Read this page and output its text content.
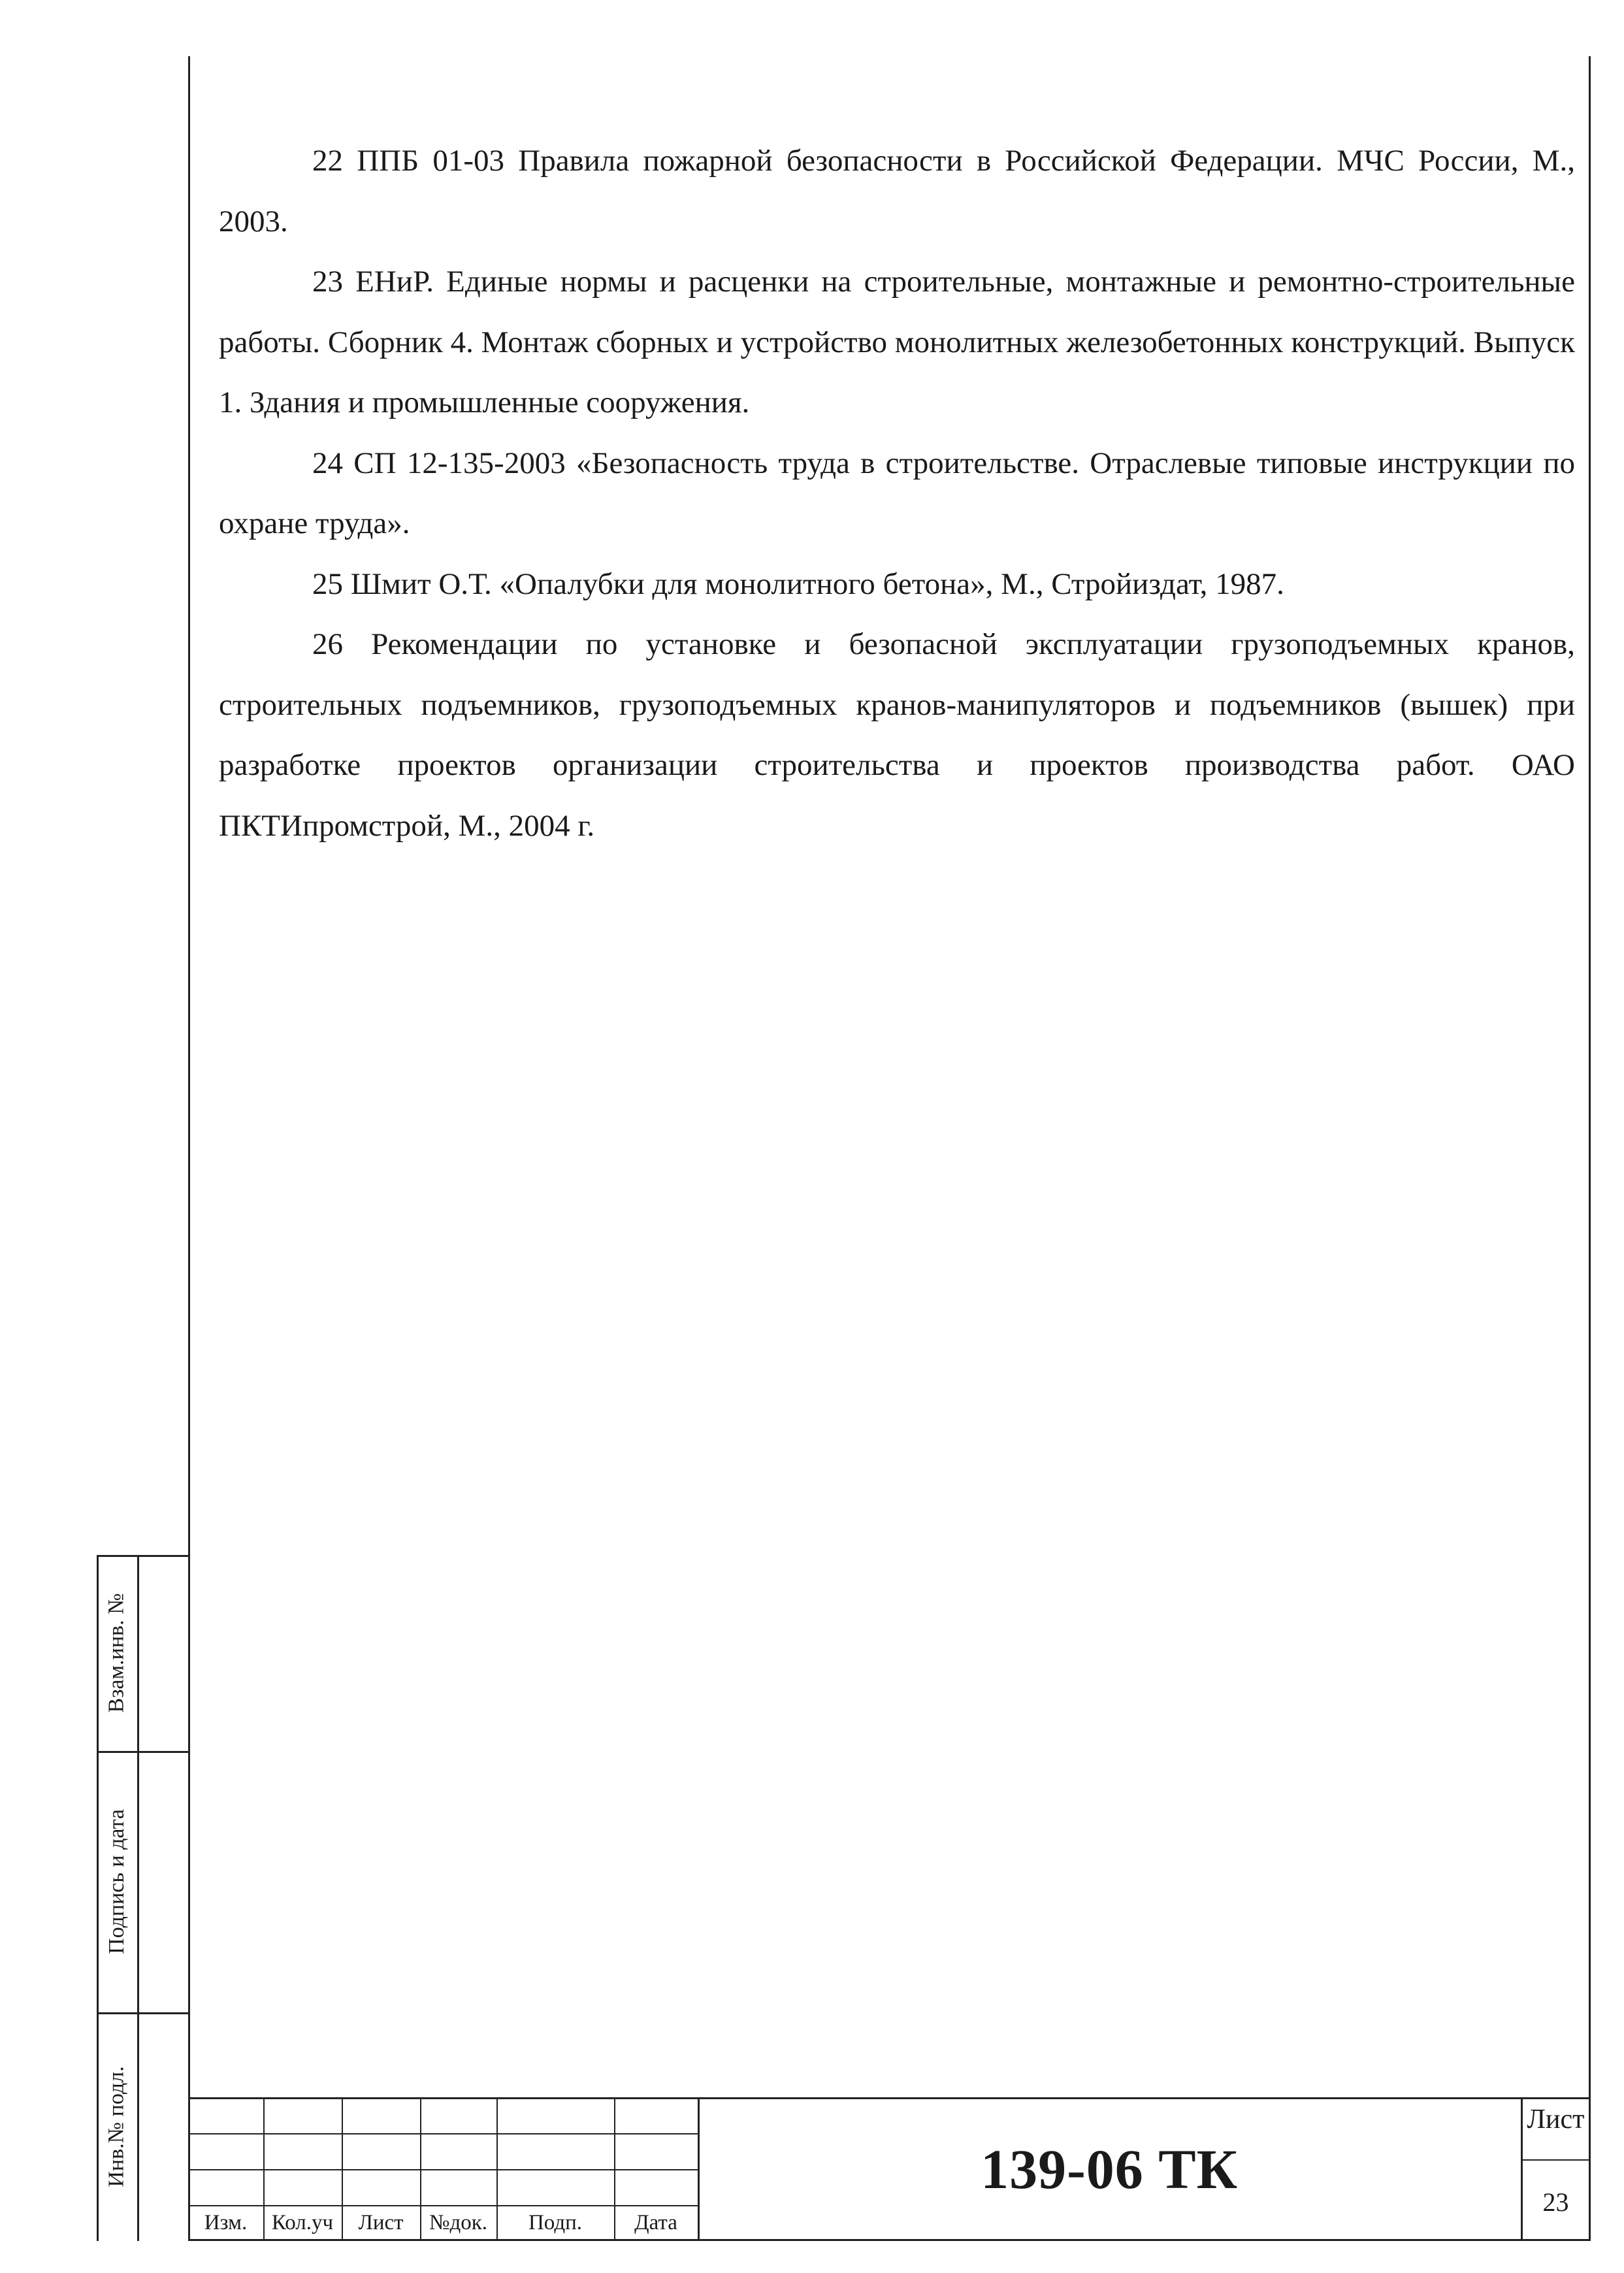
22 ППБ 01-03 Правила пожарной безопасности в Российской Федерации. МЧС России, М., 2003.

23 ЕНиР. Единые нормы и расценки на строительные, монтажные и ремонтно-строительные работы. Сборник 4. Монтаж сборных и устройство монолитных железобетонных конструкций. Выпуск 1. Здания и промышленные сооружения.

24 СП 12-135-2003 «Безопасность труда в строительстве. Отраслевые типовые инструкции по охране труда».

25 Шмит О.Т. «Опалубки для монолитного бетона», М., Стройиздат, 1987.

26 Рекомендации по установке и безопасной эксплуатации грузоподъемных кранов, строительных подъемников, грузоподъемных кранов-манипуляторов и подъемников (вышек) при разработке проектов организации строительства и проектов производства работ. ОАО ПКТИпромстрой, М., 2004 г.

Взам.инв. №
Подпись и дата
Инв.№ подл.
Изм.	Кол.уч	Лист	№док.	Подп.	Дата
139-06 ТК
Лист
23
